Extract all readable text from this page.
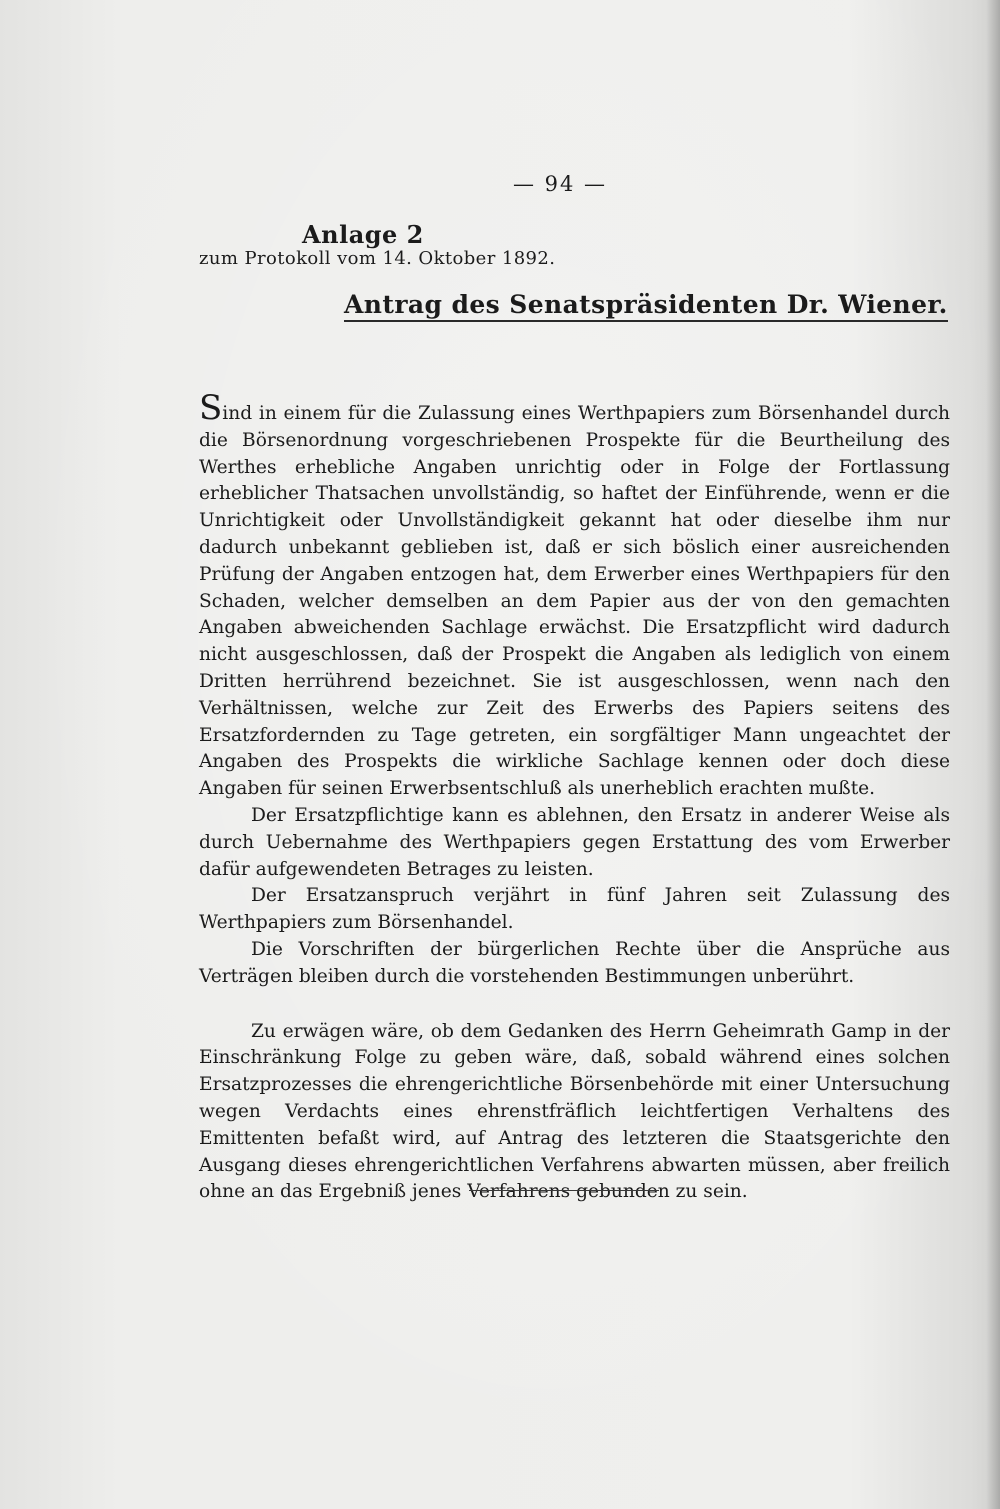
— 94 —
Anlage 2
zum Protokoll vom 14. Oktober 1892.
Antrag des Senatspräsidenten Dr. Wiener.

Sind in einem für die Zulassung eines Werthpapiers zum Börsenhandel durch die Börsenordnung vorgeschriebenen Prospekte für die Beurtheilung des Werthes erhebliche Angaben unrichtig oder in Folge der Fortlassung erheblicher Thatsachen unvollständig, so haftet der Einführende, wenn er die Unrichtigkeit oder Unvollständigkeit gekannt hat oder dieselbe ihm nur dadurch unbekannt geblieben ist, daß er sich böslich einer ausreichenden Prüfung der Angaben entzogen hat, dem Erwerber eines Werthpapiers für den Schaden, welcher demselben an dem Papier aus der von den gemachten Angaben abweichenden Sachlage erwächst. Die Ersatzpflicht wird dadurch nicht ausgeschlossen, daß der Prospekt die Angaben als lediglich von einem Dritten herrührend bezeichnet. Sie ist ausgeschlossen, wenn nach den Verhältnissen, welche zur Zeit des Erwerbs des Papiers seitens des Ersatzfordernden zu Tage getreten, ein sorgfältiger Mann ungeachtet der Angaben des Prospekts die wirkliche Sachlage kennen oder doch diese Angaben für seinen Erwerbsentschluß als unerheblich erachten mußte.

Der Ersatzpflichtige kann es ablehnen, den Ersatz in anderer Weise als durch Uebernahme des Werthpapiers gegen Erstattung des vom Erwerber dafür aufgewendeten Betrages zu leisten.

Der Ersatzanspruch verjährt in fünf Jahren seit Zulassung des Werthpapiers zum Börsenhandel.

Die Vorschriften der bürgerlichen Rechte über die Ansprüche aus Verträgen bleiben durch die vorstehenden Bestimmungen unberührt.

Zu erwägen wäre, ob dem Gedanken des Herrn Geheimrath Gamp in der Einschränkung Folge zu geben wäre, daß, sobald während eines solchen Ersatzprozesses die ehrengerichtliche Börsenbehörde mit einer Untersuchung wegen Verdachts eines ehrenstfräflich leichtfertigen Verhaltens des Emittenten befaßt wird, auf Antrag des letzteren die Staatsgerichte den Ausgang dieses ehrengerichtlichen Verfahrens abwarten müssen, aber freilich ohne an das Ergebniß jenes Verfahrens gebunden zu sein.
